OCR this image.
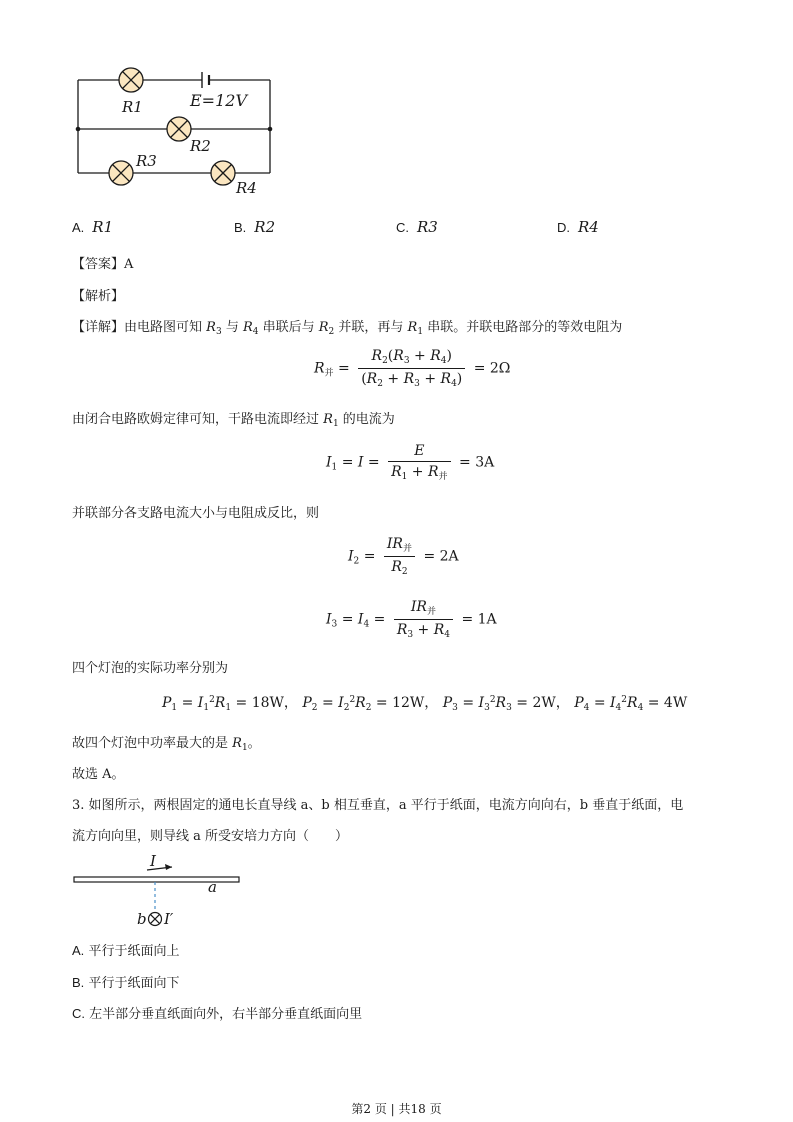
R1
R2
R3
R4
E=12V
A. R1	B. R2	C. R3	D. R4
【答案】A
【解析】
【详解】由电路图可知 $R_3$ 与 $R_4$ 串联后与 $R_2$ 并联，再与 $R_1$ 串联。并联电路部分的等效电阻为
$R_并 = \frac{R_2(R_3 + R_4)}{(R_2 + R_3 + R_4)} = 2\Omega$
由闭合电路欧姆定律可知，干路电流即经过 $R_1$ 的电流为
$I_1 = I = \frac{E}{R_1 + R_并} = 3A$
并联部分各支路电流大小与电阻成反比，则
$I_2 = \frac{IR_并}{R_2} = 2A$
$I_3 = I_4 = \frac{IR_并}{R_3 + R_4} = 1A$
四个灯泡的实际功率分别为
$P_1 = I_1^2R_1 = 18W$， $P_2 = I_2^2R_2 = 12W$， $P_3 = I_3^2R_3 = 2W$， $P_4 = I_4^2R_4 = 4W$
故四个灯泡中功率最大的是 $R_1$。
故选 A。
3. 如图所示，两根固定的通电长直导线 a、b 相互垂直，a 平行于纸面，电流方向向右，b 垂直于纸面，电
流方向向里，则导线 a 所受安培力方向（　　）
I
a
b I′
A. 平行于纸面向上
B. 平行于纸面向下
C. 左半部分垂直纸面向外，右半部分垂直纸面向里
第2 页 | 共18 页
